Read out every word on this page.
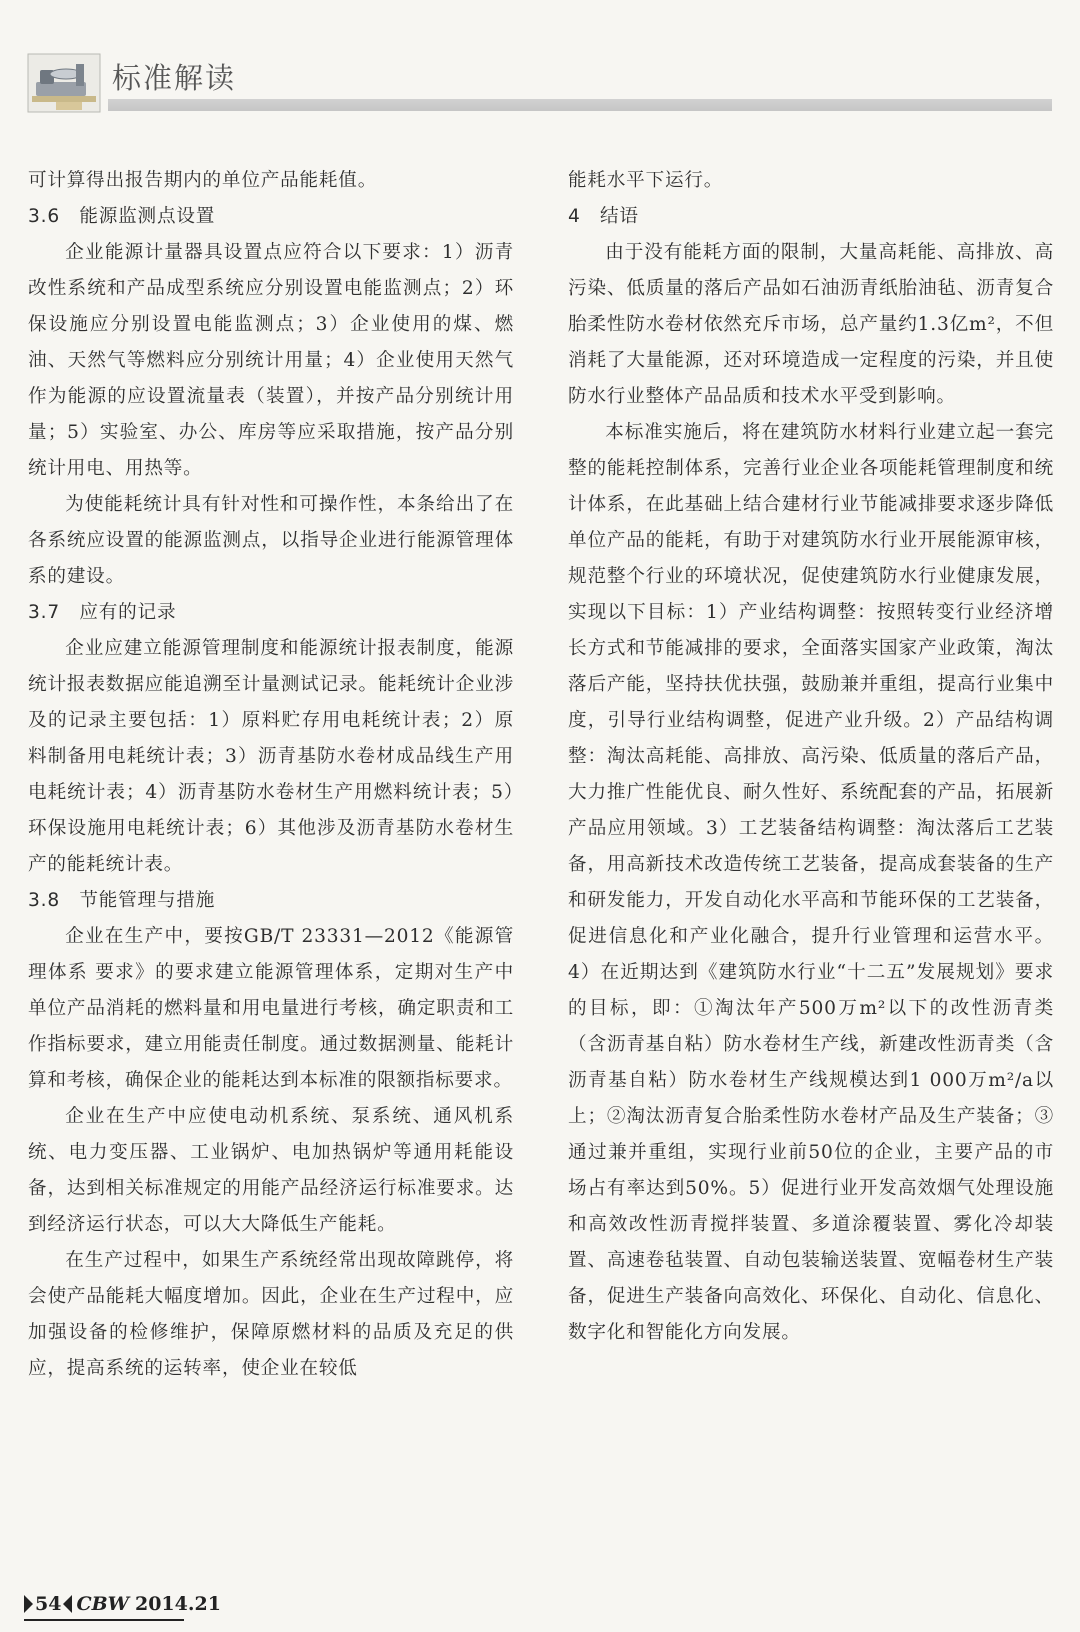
标准解读

可计算得出报告期内的单位产品能耗值。

3.6　能源监测点设置

企业能源计量器具设置点应符合以下要求：1）沥青改性系统和产品成型系统应分别设置电能监测点；2）环保设施应分别设置电能监测点；3）企业使用的煤、燃油、天然气等燃料应分别统计用量；4）企业使用天然气作为能源的应设置流量表（装置），并按产品分别统计用量；5）实验室、办公、库房等应采取措施，按产品分别统计用电、用热等。

为使能耗统计具有针对性和可操作性，本条给出了在各系统应设置的能源监测点，以指导企业进行能源管理体系的建设。

3.7　应有的记录

企业应建立能源管理制度和能源统计报表制度，能源统计报表数据应能追溯至计量测试记录。能耗统计企业涉及的记录主要包括：1）原料贮存用电耗统计表；2）原料制备用电耗统计表；3）沥青基防水卷材成品线生产用电耗统计表；4）沥青基防水卷材生产用燃料统计表；5）环保设施用电耗统计表；6）其他涉及沥青基防水卷材生产的能耗统计表。

3.8　节能管理与措施

企业在生产中，要按GB/T 23331—2012《能源管理体系 要求》的要求建立能源管理体系，定期对生产中单位产品消耗的燃料量和用电量进行考核，确定职责和工作指标要求，建立用能责任制度。通过数据测量、能耗计算和考核，确保企业的能耗达到本标准的限额指标要求。

企业在生产中应使电动机系统、泵系统、通风机系统、电力变压器、工业锅炉、电加热锅炉等通用耗能设备，达到相关标准规定的用能产品经济运行标准要求。达到经济运行状态，可以大大降低生产能耗。

在生产过程中，如果生产系统经常出现故障跳停，将会使产品能耗大幅度增加。因此，企业在生产过程中，应加强设备的检修维护，保障原燃材料的品质及充足的供应，提高系统的运转率，使企业在较低

能耗水平下运行。

4　结语

由于没有能耗方面的限制，大量高耗能、高排放、高污染、低质量的落后产品如石油沥青纸胎油毡、沥青复合胎柔性防水卷材依然充斥市场，总产量约1.3亿m²，不但消耗了大量能源，还对环境造成一定程度的污染，并且使防水行业整体产品品质和技术水平受到影响。

本标准实施后，将在建筑防水材料行业建立起一套完整的能耗控制体系，完善行业企业各项能耗管理制度和统计体系，在此基础上结合建材行业节能减排要求逐步降低单位产品的能耗，有助于对建筑防水行业开展能源审核，规范整个行业的环境状况，促使建筑防水行业健康发展，实现以下目标：1）产业结构调整：按照转变行业经济增长方式和节能减排的要求，全面落实国家产业政策，淘汰落后产能，坚持扶优扶强，鼓励兼并重组，提高行业集中度，引导行业结构调整，促进产业升级。2）产品结构调整：淘汰高耗能、高排放、高污染、低质量的落后产品，大力推广性能优良、耐久性好、系统配套的产品，拓展新产品应用领域。3）工艺装备结构调整：淘汰落后工艺装备，用高新技术改造传统工艺装备，提高成套装备的生产和研发能力，开发自动化水平高和节能环保的工艺装备，促进信息化和产业化融合，提升行业管理和运营水平。4）在近期达到《建筑防水行业“十二五”发展规划》要求的目标，即：①淘汰年产500万m²以下的改性沥青类（含沥青基自粘）防水卷材生产线，新建改性沥青类（含沥青基自粘）防水卷材生产线规模达到1 000万m²/a以上；②淘汰沥青复合胎柔性防水卷材产品及生产装备；③通过兼并重组，实现行业前50位的企业，主要产品的市场占有率达到50%。5）促进行业开发高效烟气处理设施和高效改性沥青搅拌装置、多道涂覆装置、雾化冷却装置、高速卷毡装置、自动包装输送装置、宽幅卷材生产装备，促进生产装备向高效化、环保化、自动化、信息化、数字化和智能化方向发展。

54 CBW 2014.21
